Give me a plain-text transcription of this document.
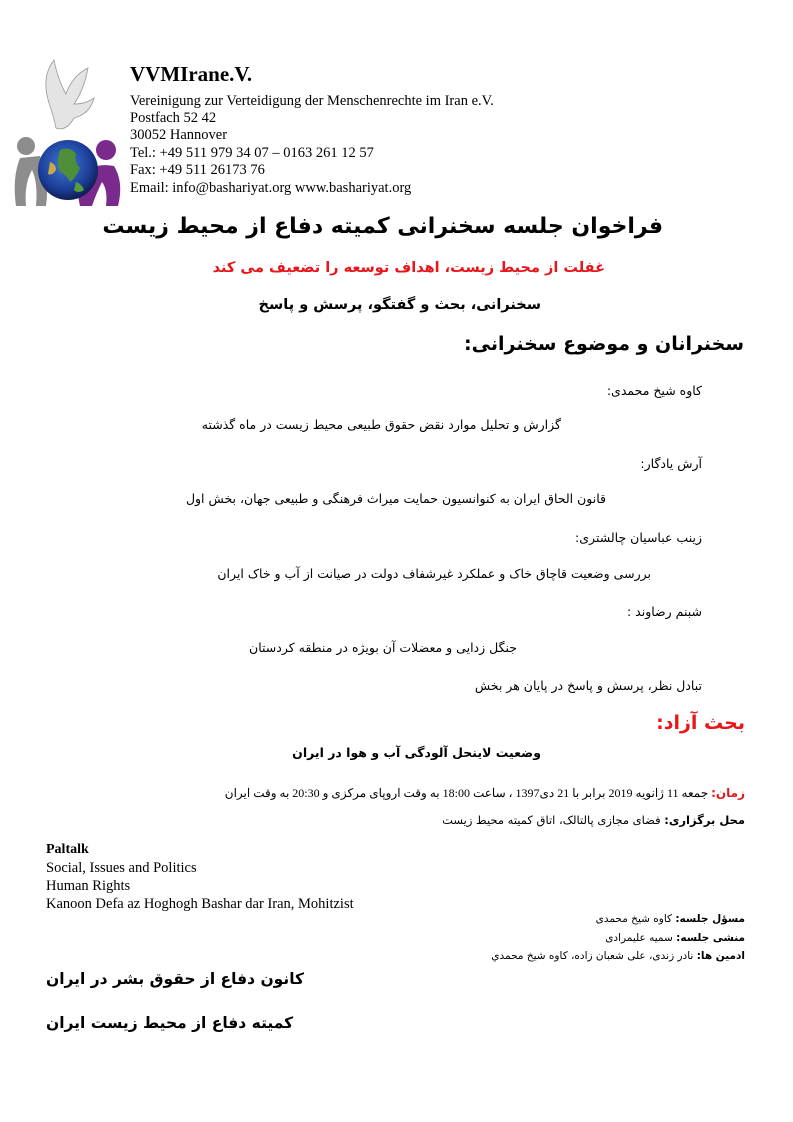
VVMIrane.V.
Vereinigung zur Verteidigung der Menschenrechte im Iran e.V.
Postfach 52 42
30052 Hannover
Tel.: +49 511 979 34 07 – 0163 261 12 57
Fax: +49 511 26173 76
Email: info@bashariyat.org www.bashariyat.org
فراخوان جلسه سخنرانی کمیته دفاع از محیط زیست
غفلت از محیط زیست، اهداف توسعه را تضعیف می کند
سخنرانی، بحث و گفتگو، پرسش و پاسخ
سخنرانان و موضوع سخنرانی:
کاوه شیخ محمدی:
گزارش و تحلیل موارد نقض حقوق طبیعی محیط زیست در ماه گذشته
آرش یادگار:
قانون الحاق ایران به کنوانسیون حمایت میراث فرهنگی و طبیعی جهان، بخش اول
زینب عباسیان چالشتری:
بررسی وضعیت قاچاق خاک و عملکرد غیرشفاف دولت در صیانت از آب و خاک ایران
شبنم رضاوند :
جنگل زدایی و معضلات آن بویژه در منطقه کردستان
تبادل نظر، پرسش و پاسخ در پایان هر بخش
بحث آزاد:
وضعیت لاینحل آلودگی آب و هوا در ایران
زمان: جمعه 11 ژانویه 2019 برابر با 21 دی1397 ، ساعت 18:00 به وقت اروپای مرکزی و 20:30 به وقت ایران
محل برگزاری: فضای مجازی پالتالک، اتاق کمیته محیط زیست
Paltalk
Social, Issues and Politics
Human Rights
Kanoon Defa az Hoghogh Bashar dar Iran, Mohitzist
مسؤل جلسه: کاوه شیخ محمدی
منشی جلسه: سمیه علیمرادی
ادمین ها: نادر زندی، علی شعبان زاده، کاوه شیخ محمدي
کانون دفاع از حقوق بشر در ایران
کمیته دفاع از محیط زیست ایران
